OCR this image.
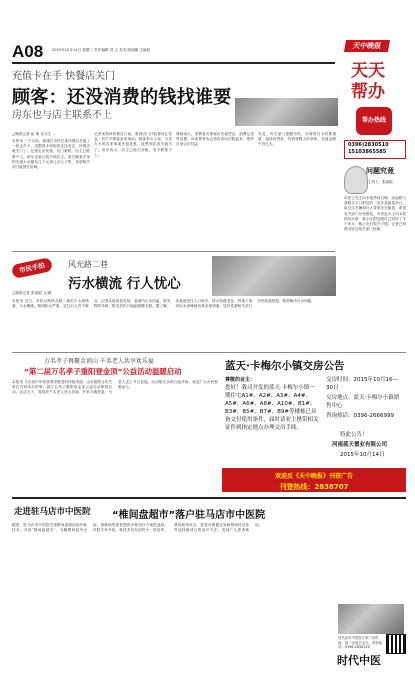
A08 2015年10月14日 星期三 责任编辑 刘 卫 美术/刘丽娜 主编校	天中晚报
天天
帮办
充值卡在手 快餐店关门
顾客：还没消费的钱找谁要
房东也与店主联系不上
□晚报记者 崔 敏 实习生 ...
本报讯 三个月前，驿城区市民在某快餐店充值了一张会员卡，没想到卡里的钱还没用完，快餐店就关门了。记者走访发现，店门紧锁，店主已联系不上，房东也表示找不到店主。部分顾客手里的充值卡余额从几十元到几百元不等，希望相关部门能帮忙协调。
记者来到该快餐店门前，看到店门口贴着转让信息，有不少顾客前来询问。顾客李女士说，当初办卡时店家承诺充值优惠，没想到店说关就关了。房东表示，店主已拖欠房租，至今联系不上。
律师表示，消费者可保留好充值凭证、消费记录等证据，向消费者协会投诉或向法院起诉，维护自身合法权益。
对此，有关部门提醒市民，办理预付卡时要谨慎，选择信誉好、经营规模大的商家，充值金额不宜过大。
帮办热线
0396)2830510
15103865585
问题究竟
主持人：张丽娟
市民王先生向本报热线反映：汝南路与某路交叉口附近的一处井盖破损多日，给过往车辆和行人带来安全隐患，希望有关部门尽快修复。市民赵女士向本报热线反映：某小区附近路灯已经坏了半个多月，晚上出行很不方便。记者已将情况转交相关部门处理。
市民手拍	风光路二巷
污水横流 行人忧心
□晚报记者 张丽娟 文/图
本报讯 近日，市民反映风光路二巷的下水道堵塞，污水横流，路面积水严重，过往行人苦不堪言。记者实地查看发现，巷道内污水四溢，散发阵阵异味，附近居民只能踮着脚走路。据了解，该巷道居住人口较多，排水管道老化，每逢下雨或用水高峰就容易出现堵塞。居民希望相关部门尽快疏通管道，彻底解决污水问题。
万名孝子再聚金顶山 千名老人共享欢乐宴
“第二届万名孝子重阳登金顶”公益活动温暖启动
本报讯 为弘扬中华民族尊老敬老的传统美德，由本报联合有关单位共同举办的第二届万名孝子重阳登金顶公益活动即将启动。活动当天，将组织千名老人登山祈福，并举办敬老宴，为老人送上节日祝福。活动报名从即日起开始，欢迎广大市民积极参与。
蓝天·卡梅尔小镇交房公告
尊敬的业主：
您好！我司开发的蓝天·卡梅尔小镇一期住宅A1#、A2#、A3#、A4#、A5#、A6#、A8#、A10#、B1#、B3#、B5#、B7#、B9#等楼栋已具备交付使用条件，届时请业主携带相关证件到指定地点办理交房手续。
交房时间：2015年10月16—30日
交房地点：蓝天·卡梅尔小镇销售中心
咨询热话：0396-2666999
特此公告！
河南蓝天置业有限公司
2015年10月14日
欢迎反《天中晚报》刊登广告
刊登热线：2838707
走进驻马店市中医院 “椎间盘超市”落户驻马店市中医院
据悉，驻马店市中医院引进椎间盘微创治疗新技术，开设“椎间盘超市”，为腰椎间盘突出症、颈椎病等患者提供多种治疗方案供选择。该院专家介绍，新技术具有创伤小、恢复快、费用低等优点，患者可根据自身病情和经济条件选择最适合的治疗方法，受到广大患者欢迎。
驻马店市中医院专家门诊时间：周一至周日全天。咨询电话：0396-2858120
时代中医
